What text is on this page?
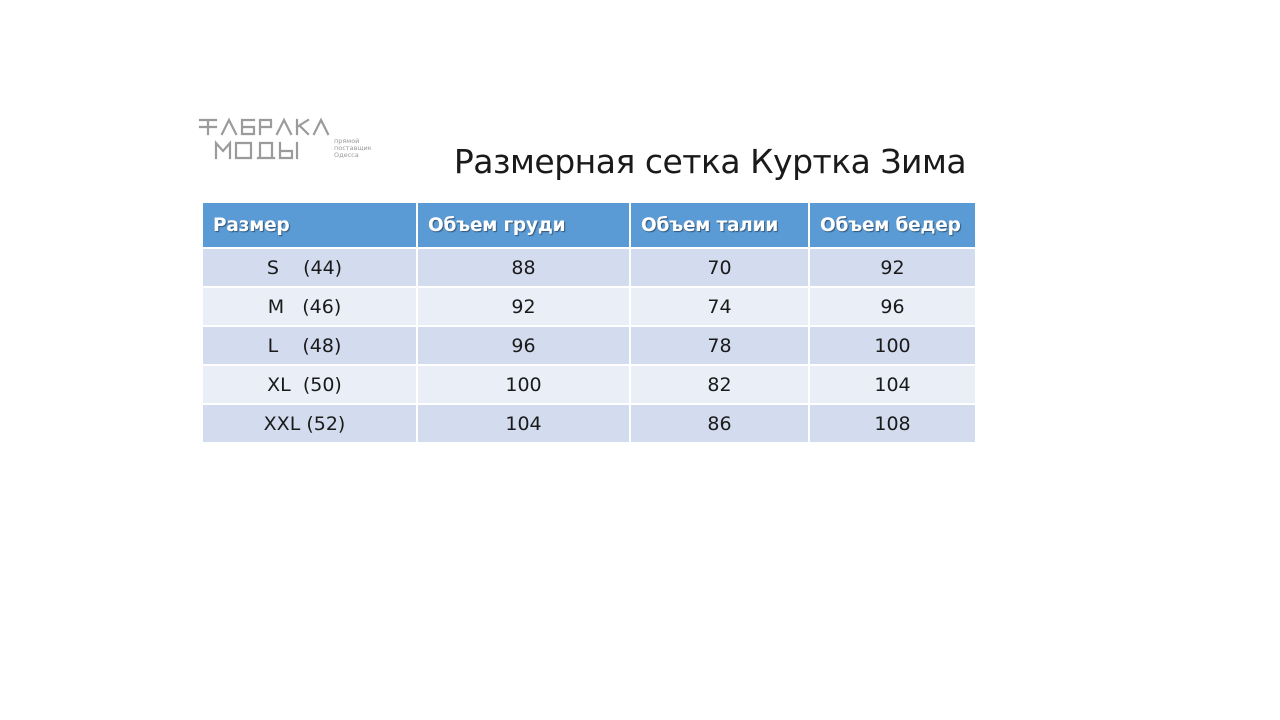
прямой
поставщик
Одесса	Размерная сетка Куртка Зима
Размер	Объем груди	Объем талии	Объем бедер
S    (44)	88	70	92
M   (46)	92	74	96
L    (48)	96	78	100
XL  (50)	100	82	104
XXL (52)	104	86	108
